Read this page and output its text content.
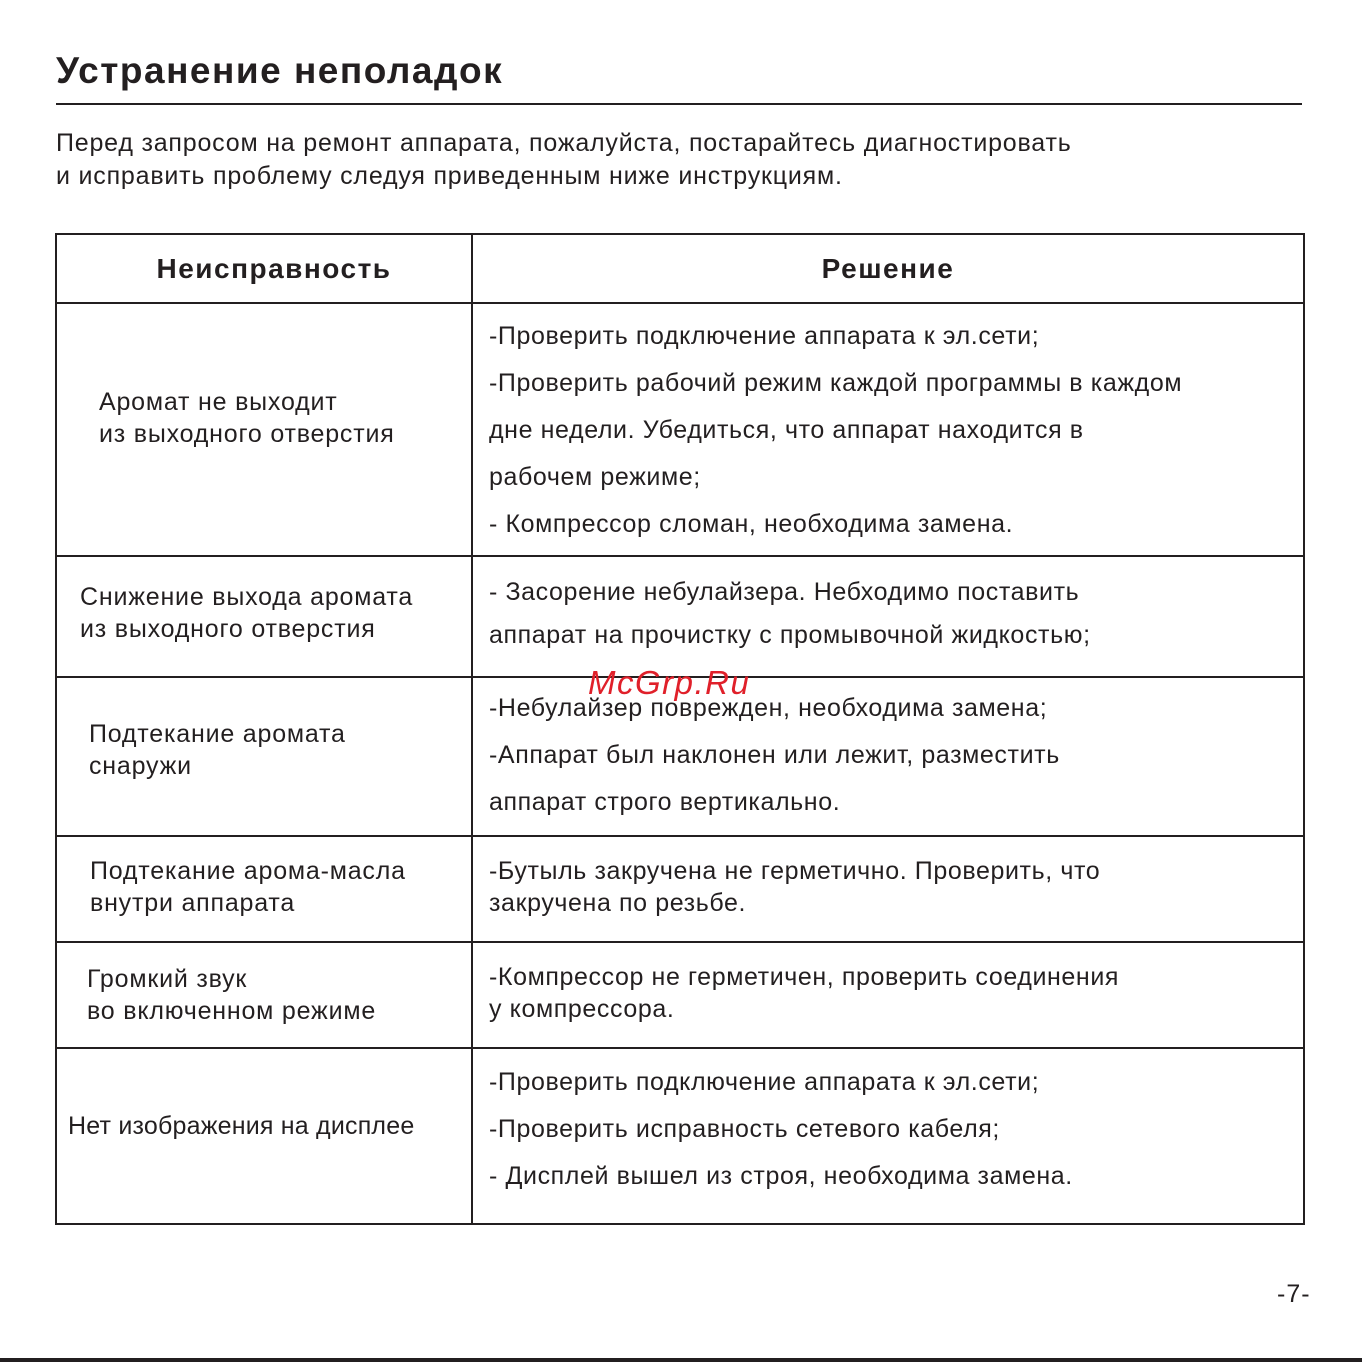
Устранение неполадок

Перед запросом на ремонт аппарата, пожалуйста, постарайтесь диагностировать
и исправить проблему следуя приведенным ниже инструкциям.

Неисправность	Решение

Аромат не выходит
из выходного отверстия	-Проверить подключение аппарата к эл.сети;
-Проверить рабочий режим каждой программы в каждом
дне недели. Убедиться, что аппарат находится в
рабочем режиме;
- Компрессор сломан, необходима замена.

Снижение выхода аромата
из выходного отверстия	- Засорение небулайзера. Небходимо поставить
аппарат на прочистку с промывочной жидкостью;

Подтекание аромата
снаружи	-Небулайзер поврежден, необходима замена;
-Аппарат был наклонен или лежит, разместить
аппарат строго вертикально.

Подтекание арома-масла
внутри аппарата	-Бутыль закручена не герметично. Проверить, что
закручена по резьбе.

Громкий звук
во включенном режиме	-Компрессор не герметичен, проверить соединения
у компрессора.

Нет изображения на дисплее	-Проверить подключение аппарата к эл.сети;
-Проверить исправность сетевого кабеля;
- Дисплей вышел из строя, необходима замена.
McGrp.Ru
-7-
